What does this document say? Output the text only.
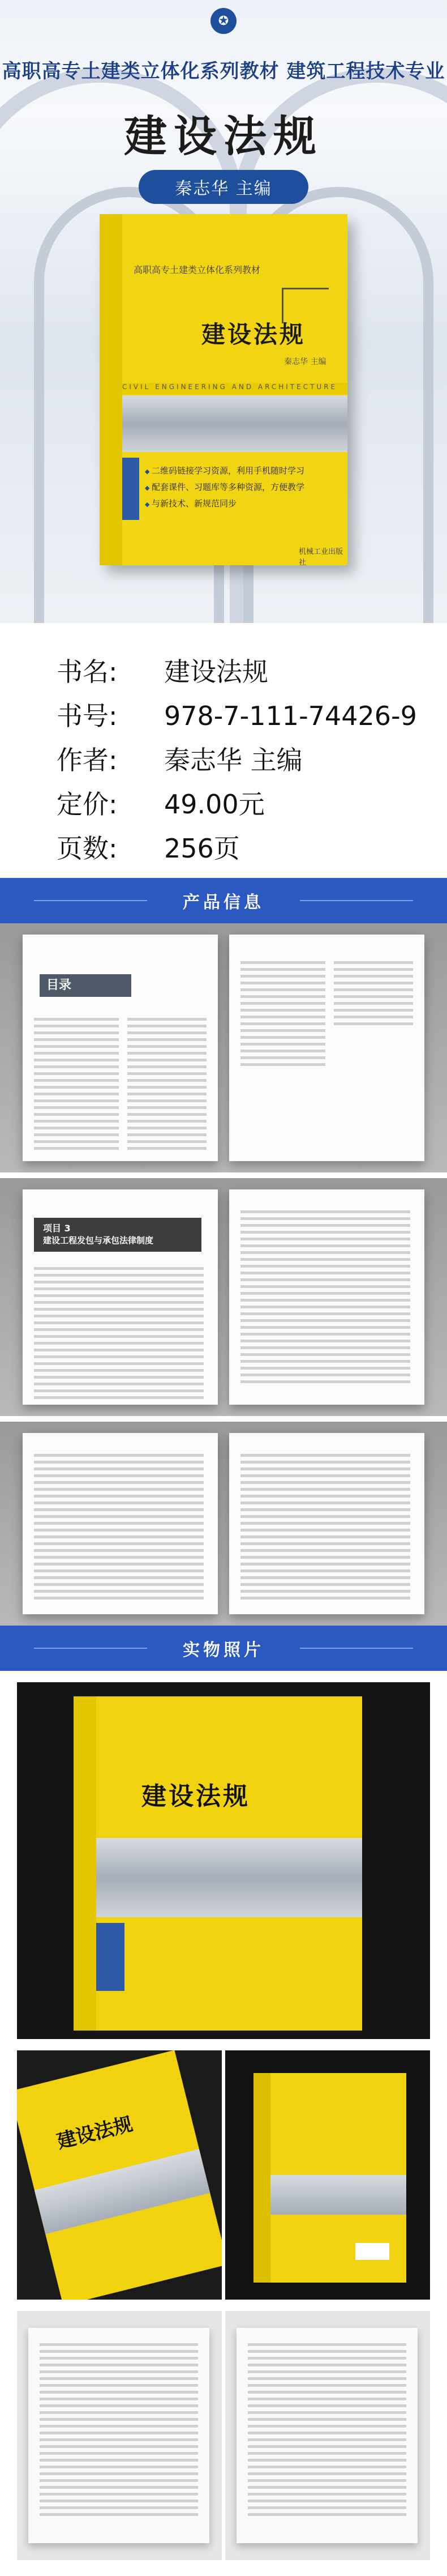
✪
高职高专土建类立体化系列教材 建筑工程技术专业
建设法规
秦志华 主编
高职高专土建类立体化系列教材
建设法规
秦志华 主编
CIVIL ENGINEERING AND ARCHITECTURE
◆ 二维码链接学习资源，利用手机随时学习
◆ 配套课件、习题库等多种资源，方便教学
◆ 与新技术、新规范同步
机械工业出版社
书名: 建设法规
书号: 978-7-111-74426-9
作者: 秦志华 主编
定价: 49.00元
页数: 256页
产品信息
目录
项目 3
建设工程发包与承包法律制度
实物照片
建设法规
建设法规
